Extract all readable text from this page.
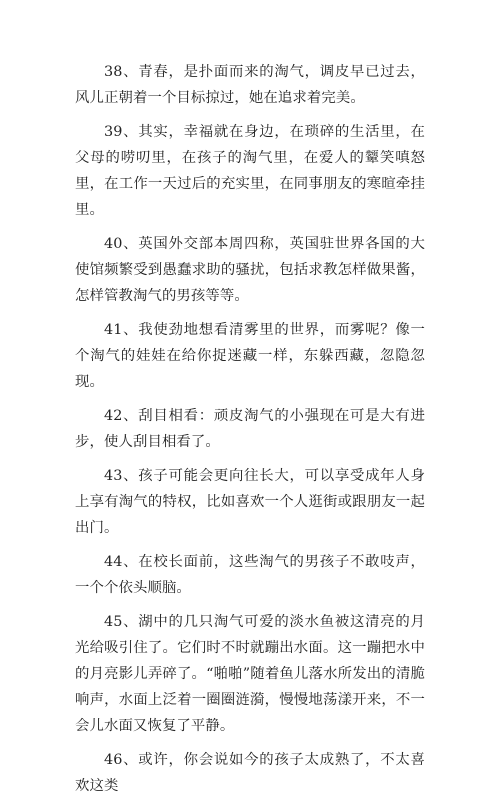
38、青春，是扑面而来的淘气，调皮早已过去，风儿正朝着一个目标掠过，她在追求着完美。

39、其实，幸福就在身边，在琐碎的生活里，在父母的唠叨里，在孩子的淘气里，在爱人的颦笑嗔怒里，在工作一天过后的充实里，在同事朋友的寒暄牵挂里。

40、英国外交部本周四称，英国驻世界各国的大使馆频繁受到愚蠢求助的骚扰，包括求教怎样做果酱，怎样管教淘气的男孩等等。

41、我使劲地想看清雾里的世界，而雾呢？像一个淘气的娃娃在给你捉迷藏一样，东躲西藏，忽隐忽现。

42、刮目相看：顽皮淘气的小强现在可是大有进步，使人刮目相看了。

43、孩子可能会更向往长大，可以享受成年人身上享有淘气的特权，比如喜欢一个人逛街或跟朋友一起出门。

44、在校长面前，这些淘气的男孩子不敢吱声，一个个依头顺脑。

45、湖中的几只淘气可爱的淡水鱼被这清亮的月光给吸引住了。它们时不时就蹦出水面。这一蹦把水中的月亮影儿弄碎了。“啪啪”随着鱼儿落水所发出的清脆响声，水面上泛着一圈圈涟漪，慢慢地荡漾开来，不一会儿水面又恢复了平静。

46、或许，你会说如今的孩子太成熟了，不太喜欢这类
